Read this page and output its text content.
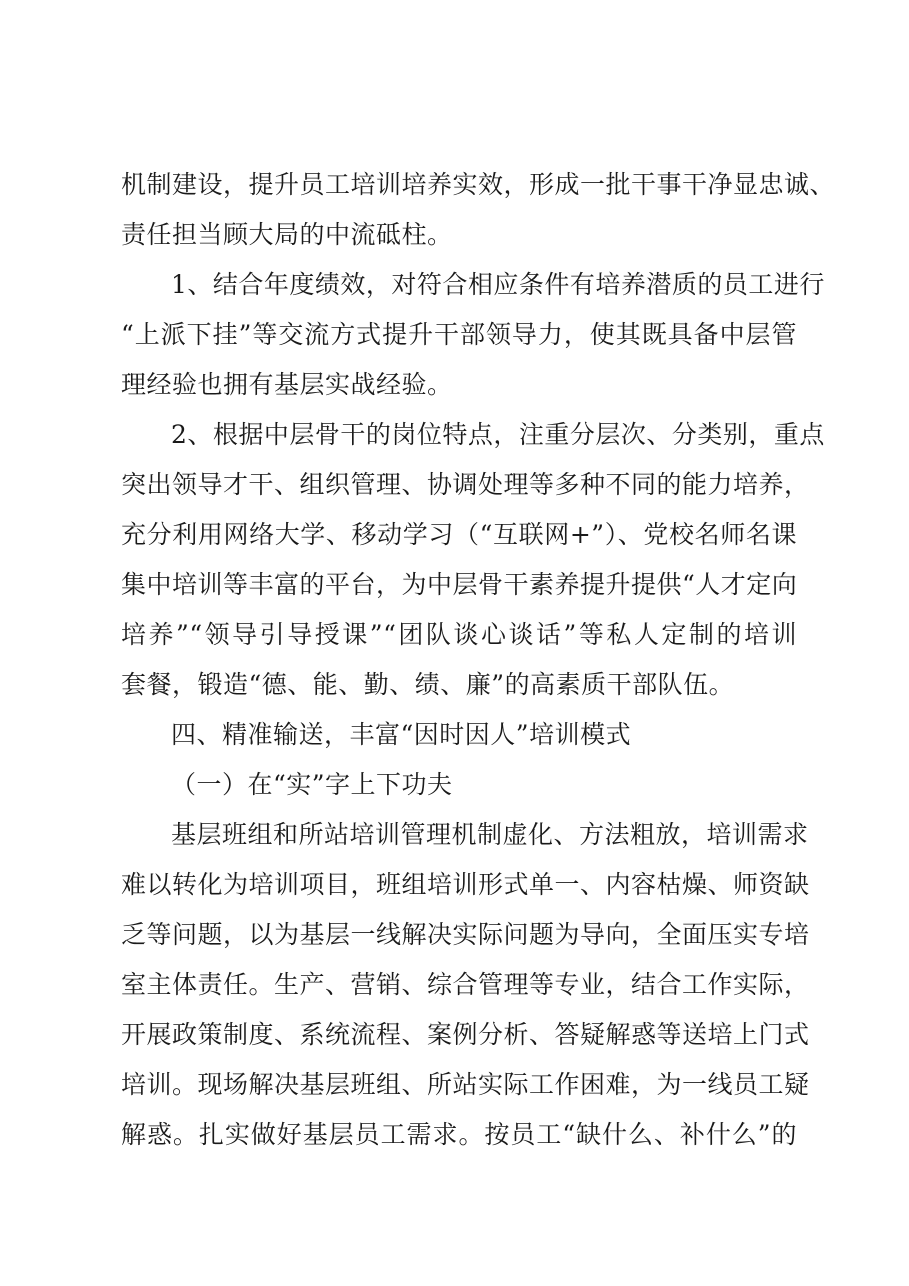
机制建设，提升员工培训培养实效，形成一批干事干净显忠诚、
责任担当顾大局的中流砥柱。
1、结合年度绩效，对符合相应条件有培养潜质的员工进行
“上派下挂”等交流方式提升干部领导力，使其既具备中层管
理经验也拥有基层实战经验。
2、根据中层骨干的岗位特点，注重分层次、分类别，重点
突出领导才干、组织管理、协调处理等多种不同的能力培养，
充分利用网络大学、移动学习（“互联网+”）、党校名师名课
集中培训等丰富的平台，为中层骨干素养提升提供“人才定向
培养”“领导引导授课”“团队谈心谈话”等私人定制的培训
套餐，锻造“德、能、勤、绩、廉”的高素质干部队伍。
四、精准输送，丰富“因时因人”培训模式
（一）在“实”字上下功夫
基层班组和所站培训管理机制虚化、方法粗放，培训需求
难以转化为培训项目，班组培训形式单一、内容枯燥、师资缺
乏等问题，以为基层一线解决实际问题为导向，全面压实专培
室主体责任。生产、营销、综合管理等专业，结合工作实际，
开展政策制度、系统流程、案例分析、答疑解惑等送培上门式
培训。现场解决基层班组、所站实际工作困难，为一线员工疑
解惑。扎实做好基层员工需求。按员工“缺什么、补什么”的
